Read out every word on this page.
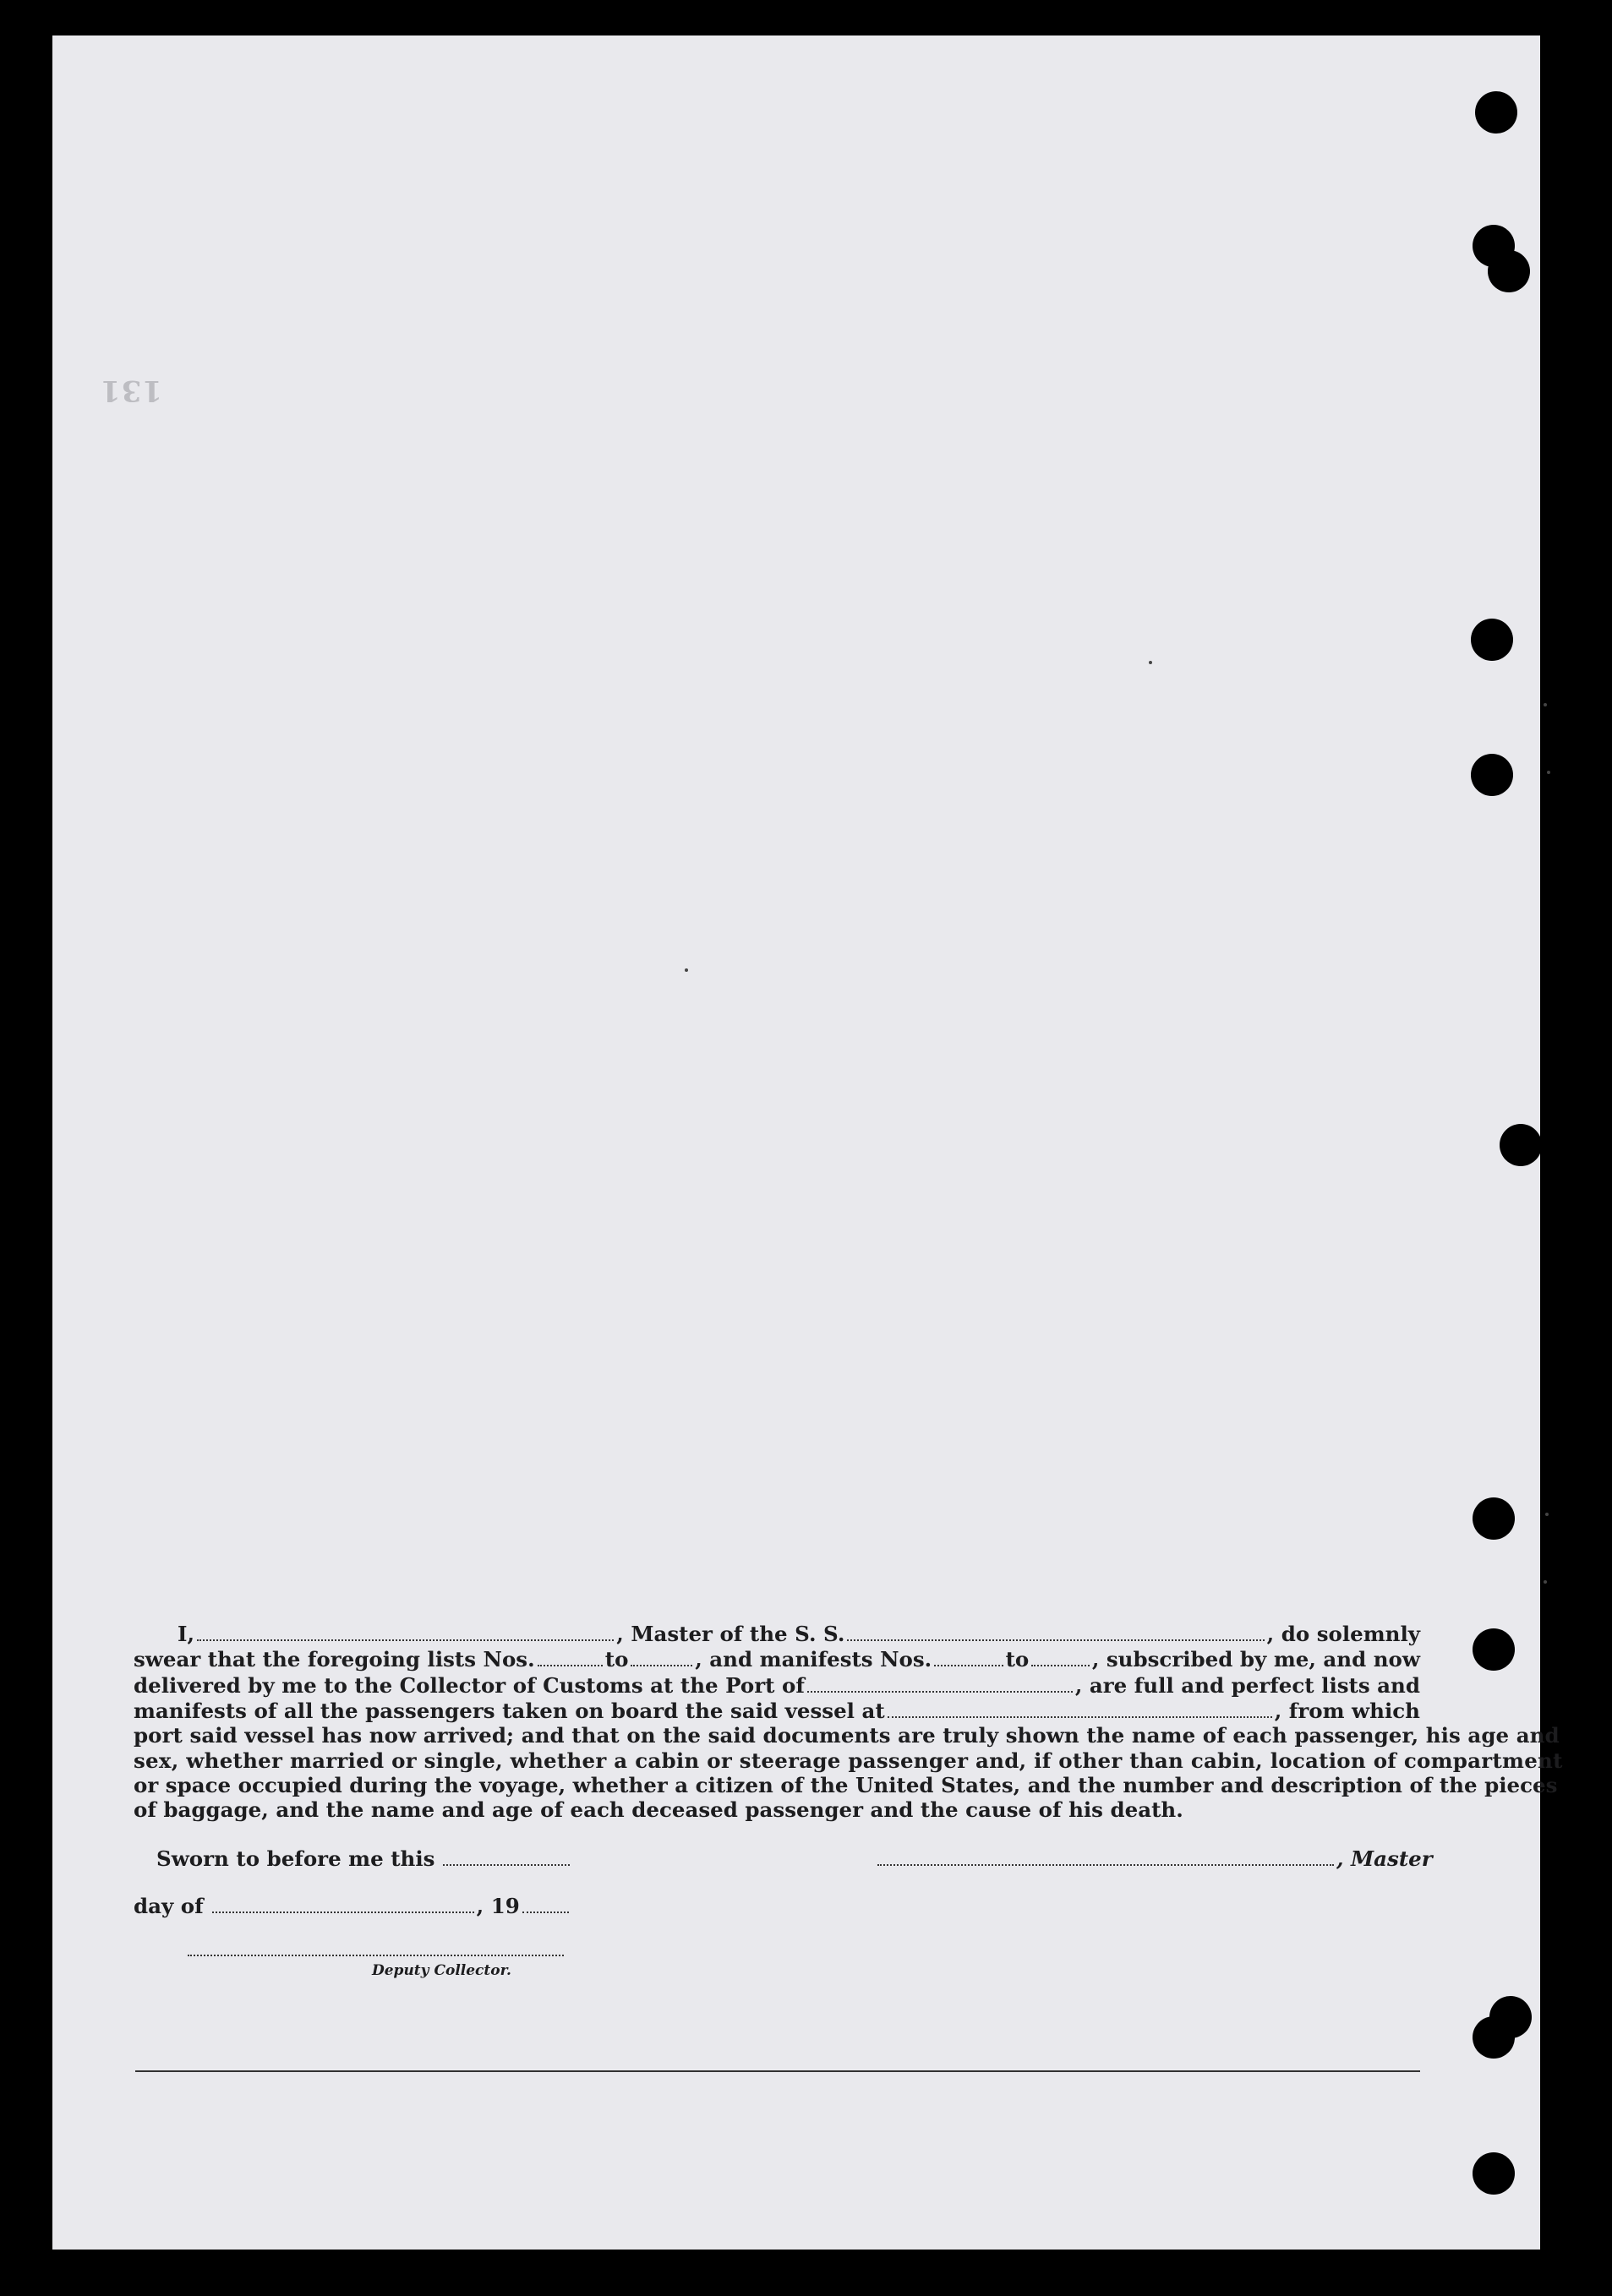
131
I,	, Master of the S. S.	, do solemnly
swear that the foregoing lists Nos.	to	, and manifests Nos.	to	, subscribed by me, and now
delivered by me to the Collector of Customs at the Port of	, are full and perfect lists and
manifests of all the passengers taken on board the said vessel at	, from which
port said vessel has now arrived; and that on the said documents are truly shown the name of each passenger, his age and
sex, whether married or single, whether a cabin or steerage passenger and, if other than cabin, location of compartment
or space occupied during the voyage, whether a citizen of the United States, and the number and description of the pieces
of baggage, and the name and age of each deceased passenger and the cause of his death.
Sworn to before me this	, Master
day of	, 19
Deputy Collector.
